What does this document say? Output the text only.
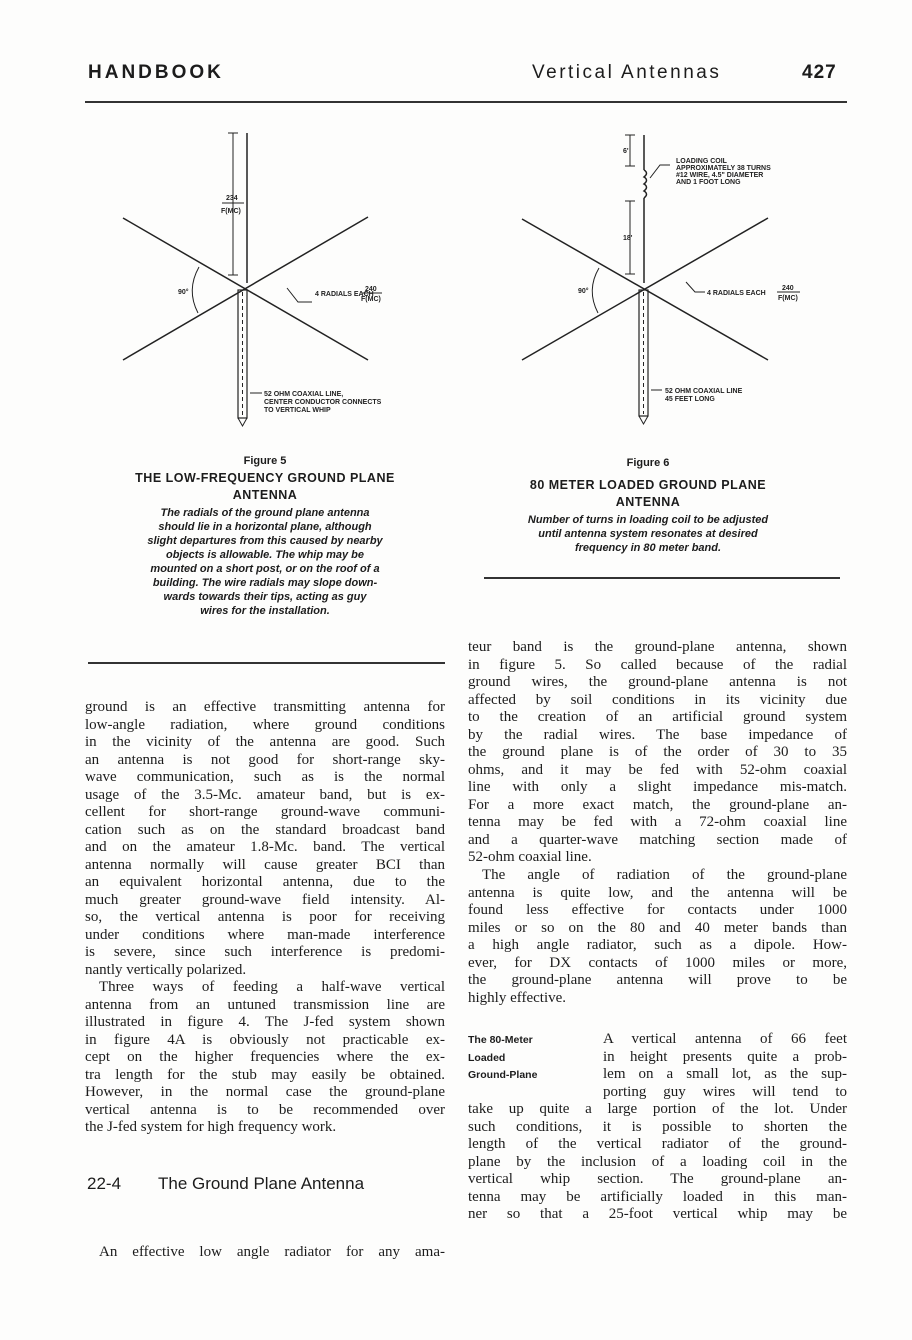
HANDBOOK	Vertical Antennas	427
234
F(MC)
90°	4 RADIALS EACH
240
F(MC)
52 OHM COAXIAL LINE,
CENTER CONDUCTOR CONNECTS
TO VERTICAL WHIP
6'
18'
LOADING COIL
APPROXIMATELY 38 TURNS
#12 WIRE, 4.5" DIAMETER
AND 1 FOOT LONG
90°	4 RADIALS EACH
240
F(MC)
52 OHM COAXIAL LINE
45 FEET LONG
Figure 5
THE LOW-FREQUENCY GROUND PLANE
ANTENNA
The radials of the ground plane antenna
should lie in a horizontal plane, although
slight departures from this caused by nearby
objects is allowable. The whip may be
mounted on a short post, or on the roof of a
building. The wire radials may slope down-
wards towards their tips, acting as guy
wires for the installation.
Figure 6
80 METER LOADED GROUND PLANE
ANTENNA
Number of turns in loading coil to be adjusted
until antenna system resonates at desired
frequency in 80 meter band.
ground is an effective transmitting antenna for
low-angle radiation, where ground conditions
in the vicinity of the antenna are good. Such
an antenna is not good for short-range sky-
wave communication, such as is the normal
usage of the 3.5-Mc. amateur band, but is ex-
cellent for short-range ground-wave communi-
cation such as on the standard broadcast band
and on the amateur 1.8-Mc. band. The vertical
antenna normally will cause greater BCI than
an equivalent horizontal antenna, due to the
much greater ground-wave field intensity. Al-
so, the vertical antenna is poor for receiving
under conditions where man-made interference
is severe, since such interference is predomi-
nantly vertically polarized.
Three ways of feeding a half-wave vertical
antenna from an untuned transmission line are
illustrated in figure 4. The J-fed system shown
in figure 4A is obviously not practicable ex-
cept on the higher frequencies where the ex-
tra length for the stub may easily be obtained.
However, in the normal case the ground-plane
vertical antenna is to be recommended over
the J-fed system for high frequency work.
22-4 The Ground Plane Antenna
An effective low angle radiator for any ama-
teur band is the ground-plane antenna, shown
in figure 5. So called because of the radial
ground wires, the ground-plane antenna is not
affected by soil conditions in its vicinity due
to the creation of an artificial ground system
by the radial wires. The base impedance of
the ground plane is of the order of 30 to 35
ohms, and it may be fed with 52-ohm coaxial
line with only a slight impedance mis-match.
For a more exact match, the ground-plane an-
tenna may be fed with a 72-ohm coaxial line
and a quarter-wave matching section made of
52-ohm coaxial line.
The angle of radiation of the ground-plane
antenna is quite low, and the antenna will be
found less effective for contacts under 1000
miles or so on the 80 and 40 meter bands than
a high angle radiator, such as a dipole. How-
ever, for DX contacts of 1000 miles or more,
the ground-plane antenna will prove to be
highly effective.
The 80-Meter
Loaded
Ground-Plane
A vertical antenna of 66 feet
in height presents quite a prob-
lem on a small lot, as the sup-
porting guy wires will tend to
take up quite a large portion of the lot. Under
such conditions, it is possible to shorten the
length of the vertical radiator of the ground-
plane by the inclusion of a loading coil in the
vertical whip section. The ground-plane an-
tenna may be artificially loaded in this man-
ner so that a 25-foot vertical whip may be
